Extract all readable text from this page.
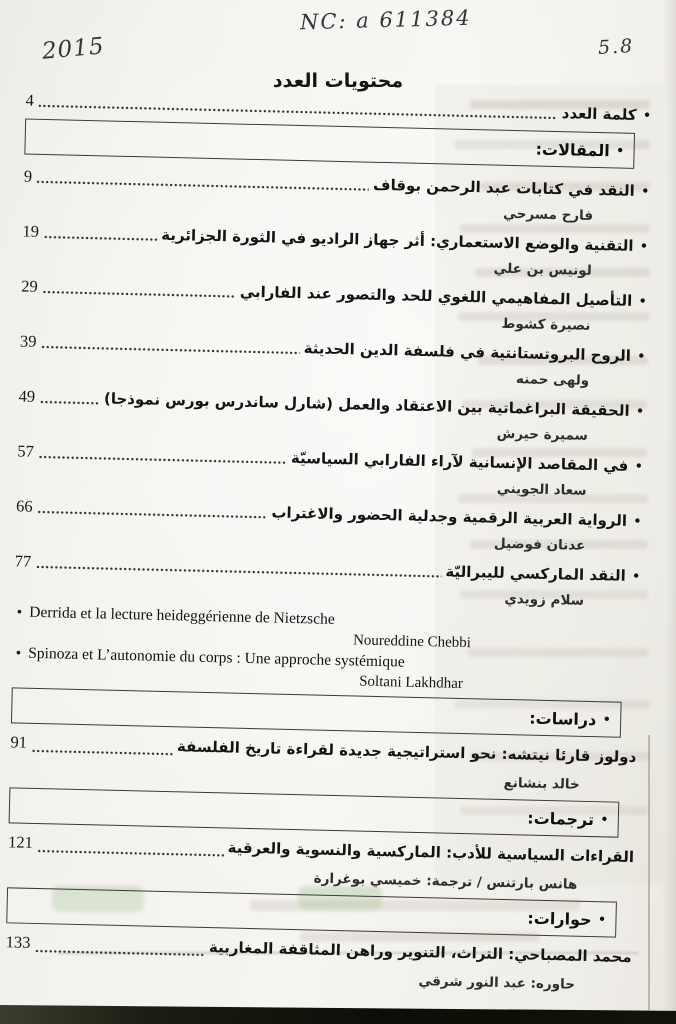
NC: a 611384
2015	5.8
محتويات العدد
•
كلمة العدد
4
•
المقالات:
•
النقد في كتابات عبد الرحمن بوقاف
9
فارح مسرحي
•
التقنية والوضع الاستعماري: أثر جهاز الراديو في الثورة الجزائرية
19
لونيس بن علي
•
التأصيل المفاهيمي اللغوي للحد والتصور عند الفارابي
29
نصيرة كشوط
•
الروح البروتستانتية في فلسفة الدين الحديثة
39
ولهى حمنه
•
الحقيقة البراغماتية بين الاعتقاد والعمل (شارل ساندرس بورس نموذجا)
49
سميرة حيرش
•
في المقاصد الإنسانية لآراء الفارابي السياسيّة
57
سعاد الجويني
•
الرواية العربية الرقمية وجدلية الحضور والاغتراب
66
عدنان فوضيل
•
النقد الماركسي لليبراليّة
77
سلام زويدي
• Derrida et la lecture heideggérienne de Nietzsche
Noureddine Chebbi
• Spinoza et L’autonomie du corps : Une approche systémique
Soltani Lakhdhar
•
دراسات:
دولوز قارئا نيتشه: نحو استراتيجية جديدة لقراءة تاريخ الفلسفة
91
خالد بنشانع
•
ترجمات:
القراءات السياسية للأدب: الماركسية والنسوية والعرقية
121
هانس بارتنس / ترجمة: خميسي بوغرارة
•
حوارات:
محمد المصباحي: التراث، التنوير وراهن المثاقفة المغاربية
133
حاوره: عبد النور شرقي
